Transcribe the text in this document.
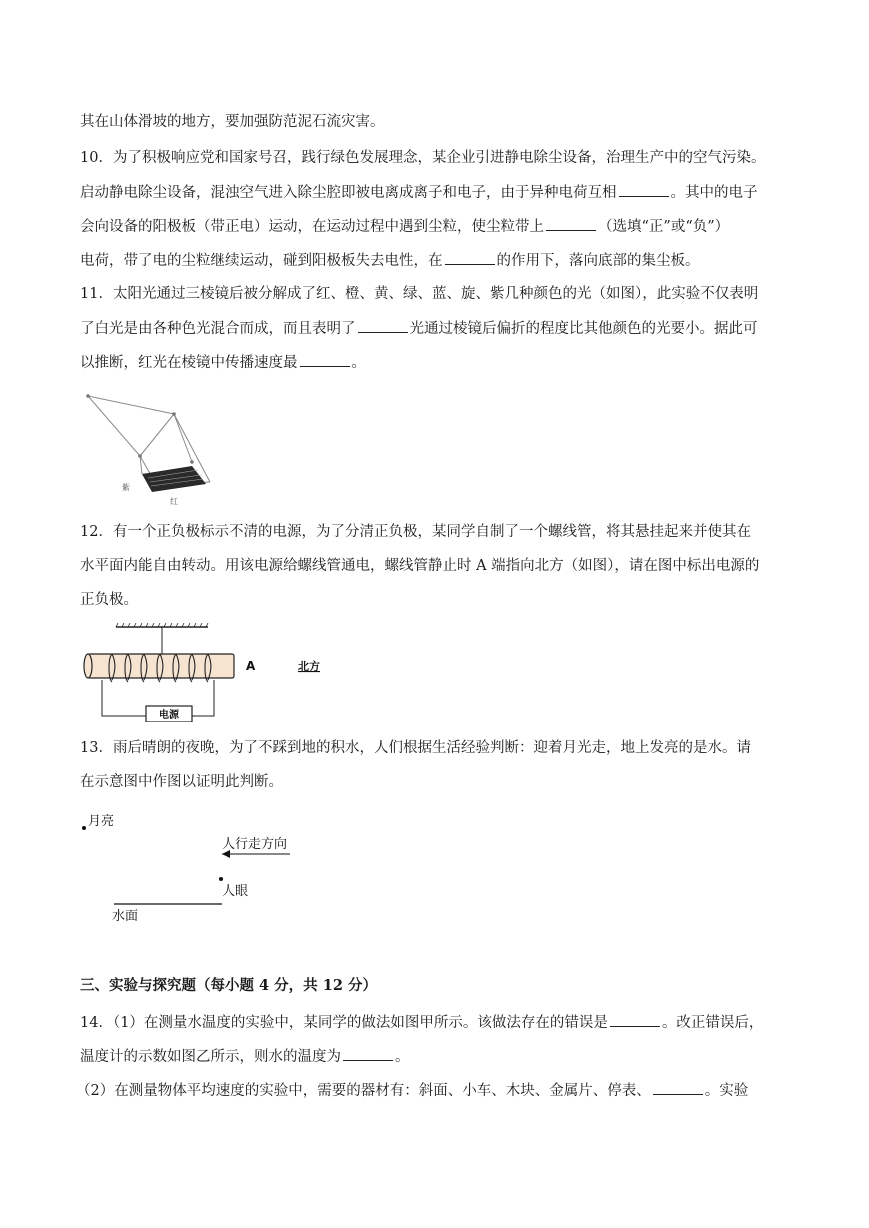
其在山体滑坡的地方，要加强防范泥石流灾害。
10．为了积极响应党和国家号召，践行绿色发展理念，某企业引进静电除尘设备，治理生产中的空气污染。
启动静电除尘设备，混浊空气进入除尘腔即被电离成离子和电子，由于异种电荷互相	。其中的电子
会向设备的阳极板（带正电）运动，在运动过程中遇到尘粒，使尘粒带上	（选填“正”或“负”）
电荷，带了电的尘粒继续运动，碰到阳极板失去电性，在	的作用下，落向底部的集尘板。
11．太阳光通过三棱镜后被分解成了红、橙、黄、绿、蓝、旋、紫几种颜色的光（如图），此实验不仅表明
了白光是由各种色光混合而成，而且表明了	光通过棱镜后偏折的程度比其他颜色的光要小。据此可
以推断，红光在棱镜中传播速度最	。
紫
红
12．有一个正负极标示不清的电源，为了分清正负极，某同学自制了一个螺线管，将其悬挂起来并使其在
水平面内能自由转动。用该电源给螺线管通电，螺线管静止时 A 端指向北方（如图），请在图中标出电源的
正负极。
电源
A	北方
13．雨后晴朗的夜晚，为了不踩到地的积水，人们根据生活经验判断：迎着月光走，地上发亮的是水。请
在示意图中作图以证明此判断。
月亮
人行走方向
人眼
水面
三、实验与探究题（每小题 4 分，共 12 分）
14．（1）在测量水温度的实验中，某同学的做法如图甲所示。该做法存在的错误是	。改正错误后，
温度计的示数如图乙所示，则水的温度为	。
（2）在测量物体平均速度的实验中，需要的器材有：斜面、小车、木块、金属片、停表、	。实验
